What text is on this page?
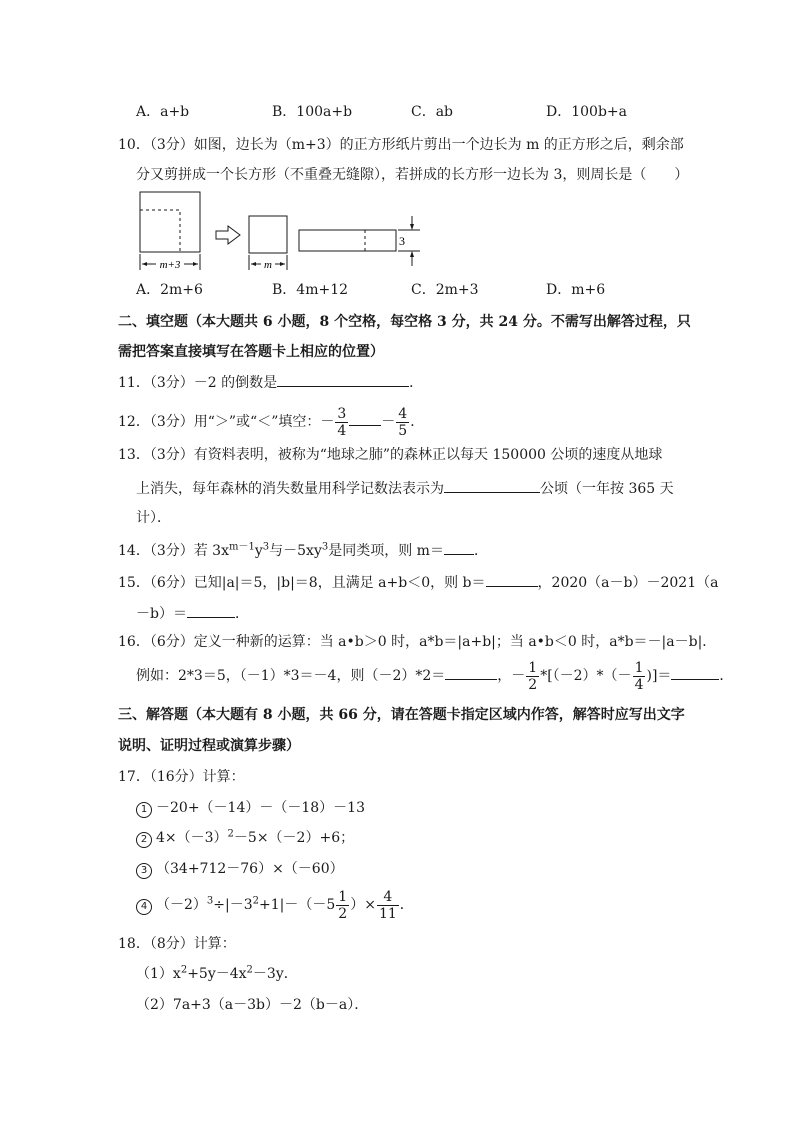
A．a+b	B．100a+b	C．ab	D．100b+a
10．（3分）如图，边长为（m+3）的正方形纸片剪出一个边长为 m 的正方形之后，剩余部
分又剪拼成一个长方形（不重叠无缝隙），若拼成的长方形一边长为 3，则周长是（　　）
m+3	m
3
A．2m+6	B．4m+12	C．2m+3	D．m+6
二、填空题（本大题共 6 小题，8 个空格，每空格 3 分，共 24 分。不需写出解答过程，只
需把答案直接填写在答题卡上相应的位置）
11．（3分）－2 的倒数是	．
12．（3分）用“＞”或“＜”填空：－ $\frac{3}{4} - \frac{4}{5}$ ．
13．（3分）有资料表明，被称为“地球之肺”的森林正以每天 150000 公顷的速度从地球
上消失，每年森林的消失数量用科学记数法表示为	公顷（一年按 365 天
计）．
14．（3分）若 $3x^{m-1}y^3$与$-5xy^3$是同类项，则 m＝ ．
15．（6分）已知|a|＝5，|b|＝8，且满足 a+b＜0，则 b＝	，2020（a－b）－2021（a
－b）＝	．
16．（6分）定义一种新的运算：当 a•b＞0 时，a*b＝|a+b|；当 a•b＜0 时，a*b＝－|a－b|．
例如：2*3＝5，（－1）*3＝－4，则（－2）*2＝	，－ $\frac{1}{2} *[(-2)*(- \frac{1}{4}$ )]＝	．
三、解答题（本大题有 8 小题，共 66 分，请在答题卡指定区域内作答，解答时应写出文字
说明、证明过程或演算步骤）
17．（16分）计算：
1 －20+（－14）－（－18）－13
2 $4\times(-3)^2-5\times(-2)+6$；
3 （34+712－76）×（－60）
4 $(-2)^3\div|-3^2+1|-(-5 \frac{1}{2}$ ）× $\frac{4}{11}$ ．
18．（8分）计算：
$(1)x^2+5y-4x^2-3y$．
（2）7a+3（a－3b）－2（b－a）．
